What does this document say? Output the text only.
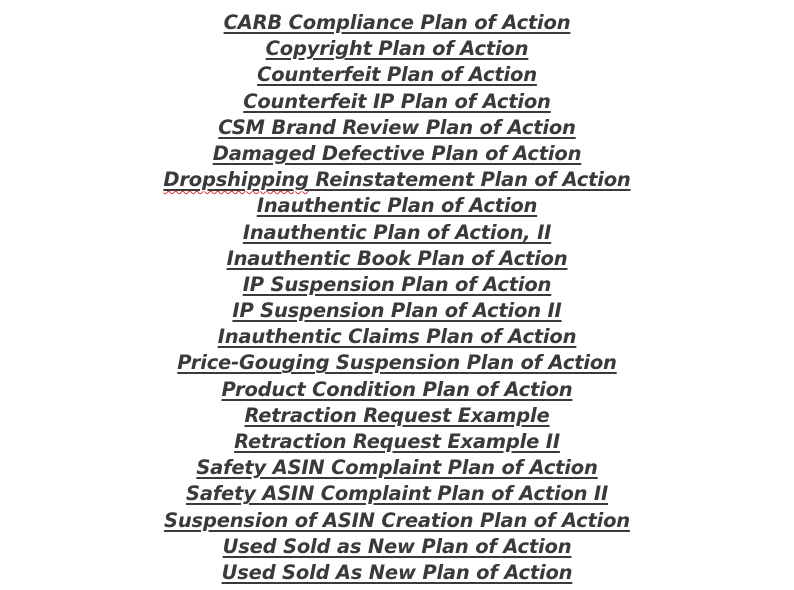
CARB Compliance Plan of Action
Copyright Plan of Action
Counterfeit Plan of Action
Counterfeit IP Plan of Action
CSM Brand Review Plan of Action
Damaged Defective Plan of Action
Dropshipping Reinstatement Plan of Action
Inauthentic Plan of Action
Inauthentic Plan of Action, II
Inauthentic Book Plan of Action
IP Suspension Plan of Action
IP Suspension Plan of Action II
Inauthentic Claims Plan of Action
Price-Gouging Suspension Plan of Action
Product Condition Plan of Action
Retraction Request Example
Retraction Request Example II
Safety ASIN Complaint Plan of Action
Safety ASIN Complaint Plan of Action II
Suspension of ASIN Creation Plan of Action
Used Sold as New Plan of Action
Used Sold As New Plan of Action
